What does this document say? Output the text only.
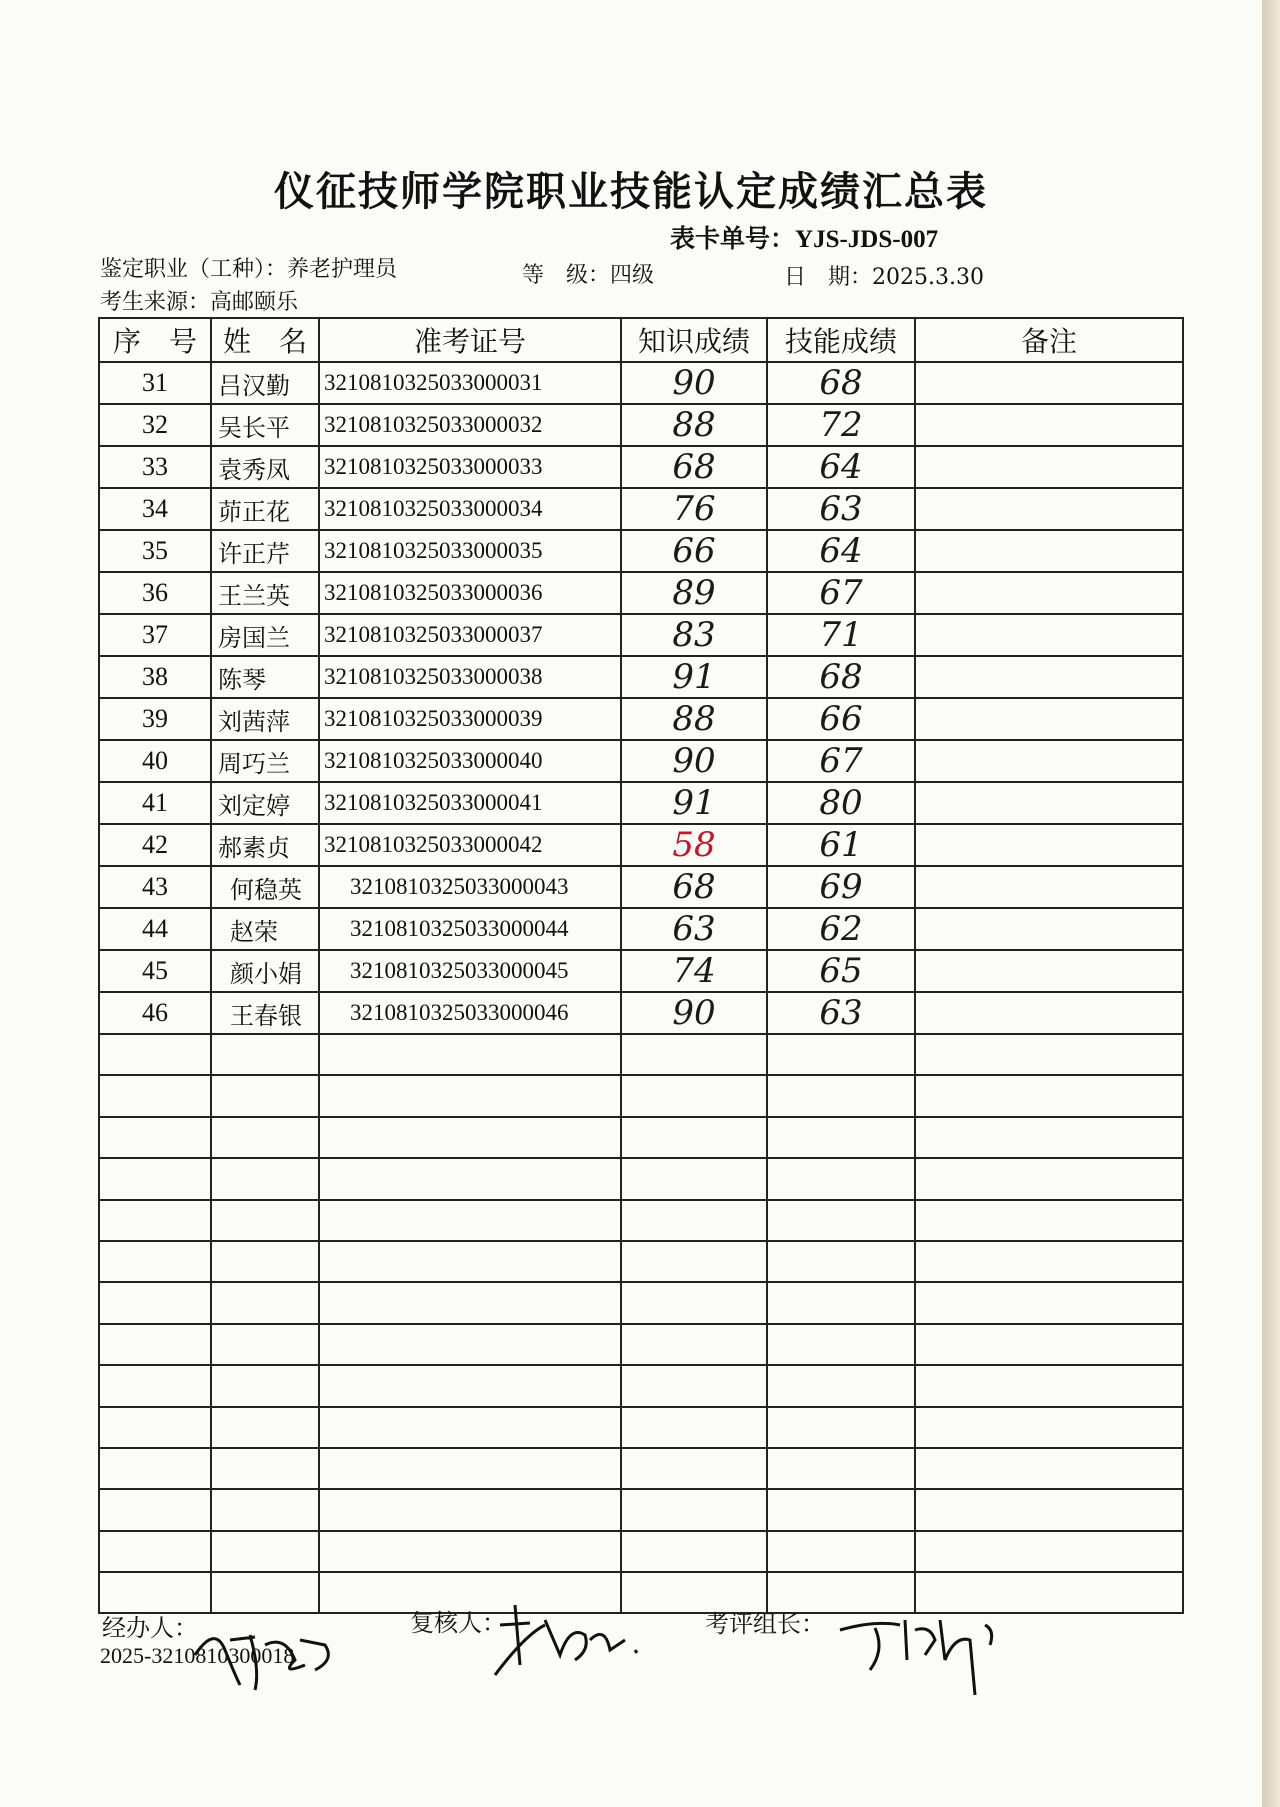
仪征技师学院职业技能认定成绩汇总表
表卡单号：YJS-JDS-007
鉴定职业（工种）：养老护理员	等　级：四级	日　期：2025.3.30
考生来源：高邮颐乐
序　号	姓　名	准考证号	知识成绩	技能成绩	备注
31	吕汉勤	3210810325033000031	90	68	
32	吴长平	3210810325033000032	88	72	
33	袁秀凤	3210810325033000033	68	64	
34	茆正花	3210810325033000034	76	63	
35	许正芹	3210810325033000035	66	64	
36	王兰英	3210810325033000036	89	67	
37	房国兰	3210810325033000037	83	71	
38	陈琴	3210810325033000038	91	68	
39	刘茜萍	3210810325033000039	88	66	
40	周巧兰	3210810325033000040	90	67	
41	刘定婷	3210810325033000041	91	80	
42	郝素贞	3210810325033000042	58	61	
43	何稳英	3210810325033000043	68	69	
44	赵荣	3210810325033000044	63	62	
45	颜小娟	3210810325033000045	74	65	
46	王春银	3210810325033000046	90	63	

经办人：
2025-3210810300018
复核人：	考评组长：
